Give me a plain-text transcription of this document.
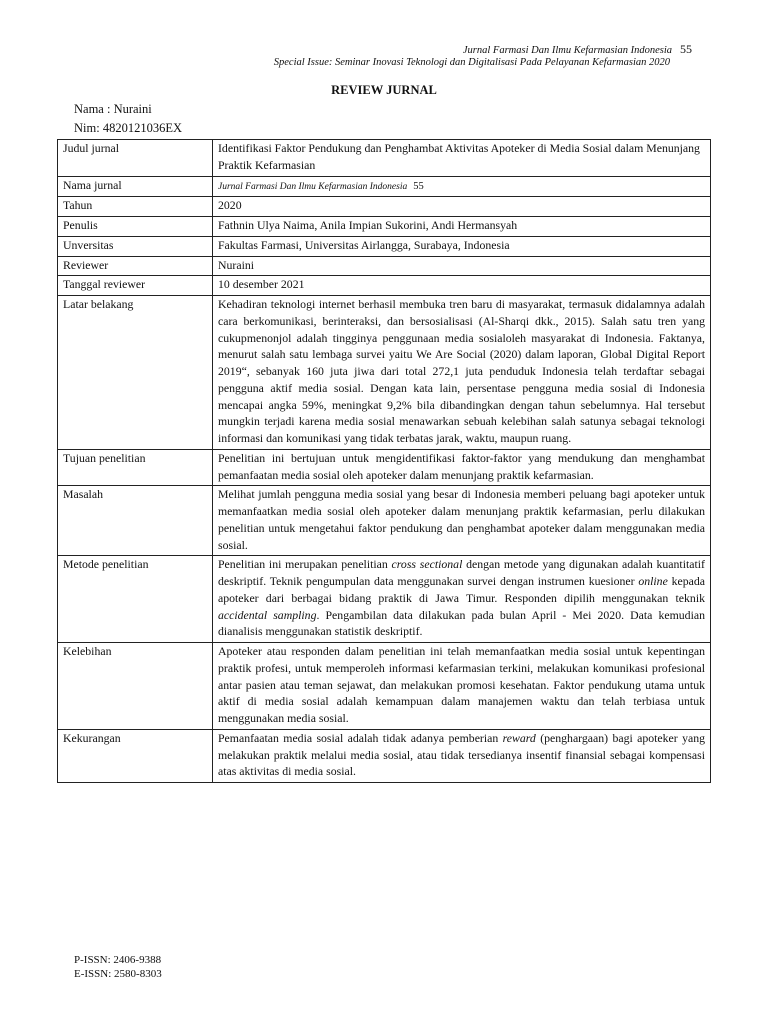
Jurnal Farmasi Dan Ilmu Kefarmasian Indonesia 55
Special Issue: Seminar Inovasi Teknologi dan Digitalisasi Pada Pelayanan Kefarmasian 2020
REVIEW JURNAL
Nama : Nuraini
Nim: 4820121036EX
Judul jurnal	Identifikasi Faktor Pendukung dan Penghambat Aktivitas Apoteker di Media Sosial dalam Menunjang Praktik Kefarmasian
Nama jurnal	Jurnal Farmasi Dan Ilmu Kefarmasian Indonesia 55
Tahun	2020
Penulis	Fathnin Ulya Naima, Anila Impian Sukorini, Andi Hermansyah
Unversitas	Fakultas Farmasi, Universitas Airlangga, Surabaya, Indonesia
Reviewer	Nuraini
Tanggal reviewer	10 desember 2021
Latar belakang	Kehadiran teknologi internet berhasil membuka tren baru di masyarakat, termasuk didalamnya adalah cara berkomunikasi, berinteraksi, dan bersosialisasi (Al-Sharqi dkk., 2015). Salah satu tren yang cukupmenonjol adalah tingginya penggunaan media sosialoleh masyarakat di Indonesia. Faktanya, menurut salah satu lembaga survei yaitu We Are Social (2020) dalam laporan, Global Digital Report 2019“, sebanyak 160 juta jiwa dari total 272,1 juta penduduk Indonesia telah terdaftar sebagai pengguna aktif media sosial. Dengan kata lain, persentase pengguna media sosial di Indonesia mencapai angka 59%, meningkat 9,2% bila dibandingkan dengan tahun sebelumnya. Hal tersebut mungkin terjadi karena media sosial menawarkan sebuah kelebihan salah satunya sebagai teknologi informasi dan komunikasi yang tidak terbatas jarak, waktu, maupun ruang.
Tujuan penelitian	Penelitian ini bertujuan untuk mengidentifikasi faktor-faktor yang mendukung dan menghambat pemanfaatan media sosial oleh apoteker dalam menunjang praktik kefarmasian.
Masalah	Melihat jumlah pengguna media sosial yang besar di Indonesia memberi peluang bagi apoteker untuk memanfaatkan media sosial oleh apoteker dalam menunjang praktik kefarmasian, perlu dilakukan penelitian untuk mengetahui faktor pendukung dan penghambat apoteker dalam menggunakan media sosial.
Metode penelitian	Penelitian ini merupakan penelitian cross sectional dengan metode yang digunakan adalah kuantitatif deskriptif. Teknik pengumpulan data menggunakan survei dengan instrumen kuesioner online kepada apoteker dari berbagai bidang praktik di Jawa Timur. Responden dipilih menggunakan teknik accidental sampling. Pengambilan data dilakukan pada bulan April - Mei 2020. Data kemudian dianalisis menggunakan statistik deskriptif.
Kelebihan	Apoteker atau responden dalam penelitian ini telah memanfaatkan media sosial untuk kepentingan praktik profesi, untuk memperoleh informasi kefarmasian terkini, melakukan komunikasi profesional antar pasien atau teman sejawat, dan melakukan promosi kesehatan. Faktor pendukung utama untuk aktif di media sosial adalah kemampuan dalam manajemen waktu dan telah terbiasa untuk menggunakan media sosial.
Kekurangan	Pemanfaatan media sosial adalah tidak adanya pemberian reward (penghargaan) bagi apoteker yang melakukan praktik melalui media sosial, atau tidak tersedianya insentif finansial sebagai kompensasi atas aktivitas di media sosial.
P-ISSN: 2406-9388
E-ISSN: 2580-8303
